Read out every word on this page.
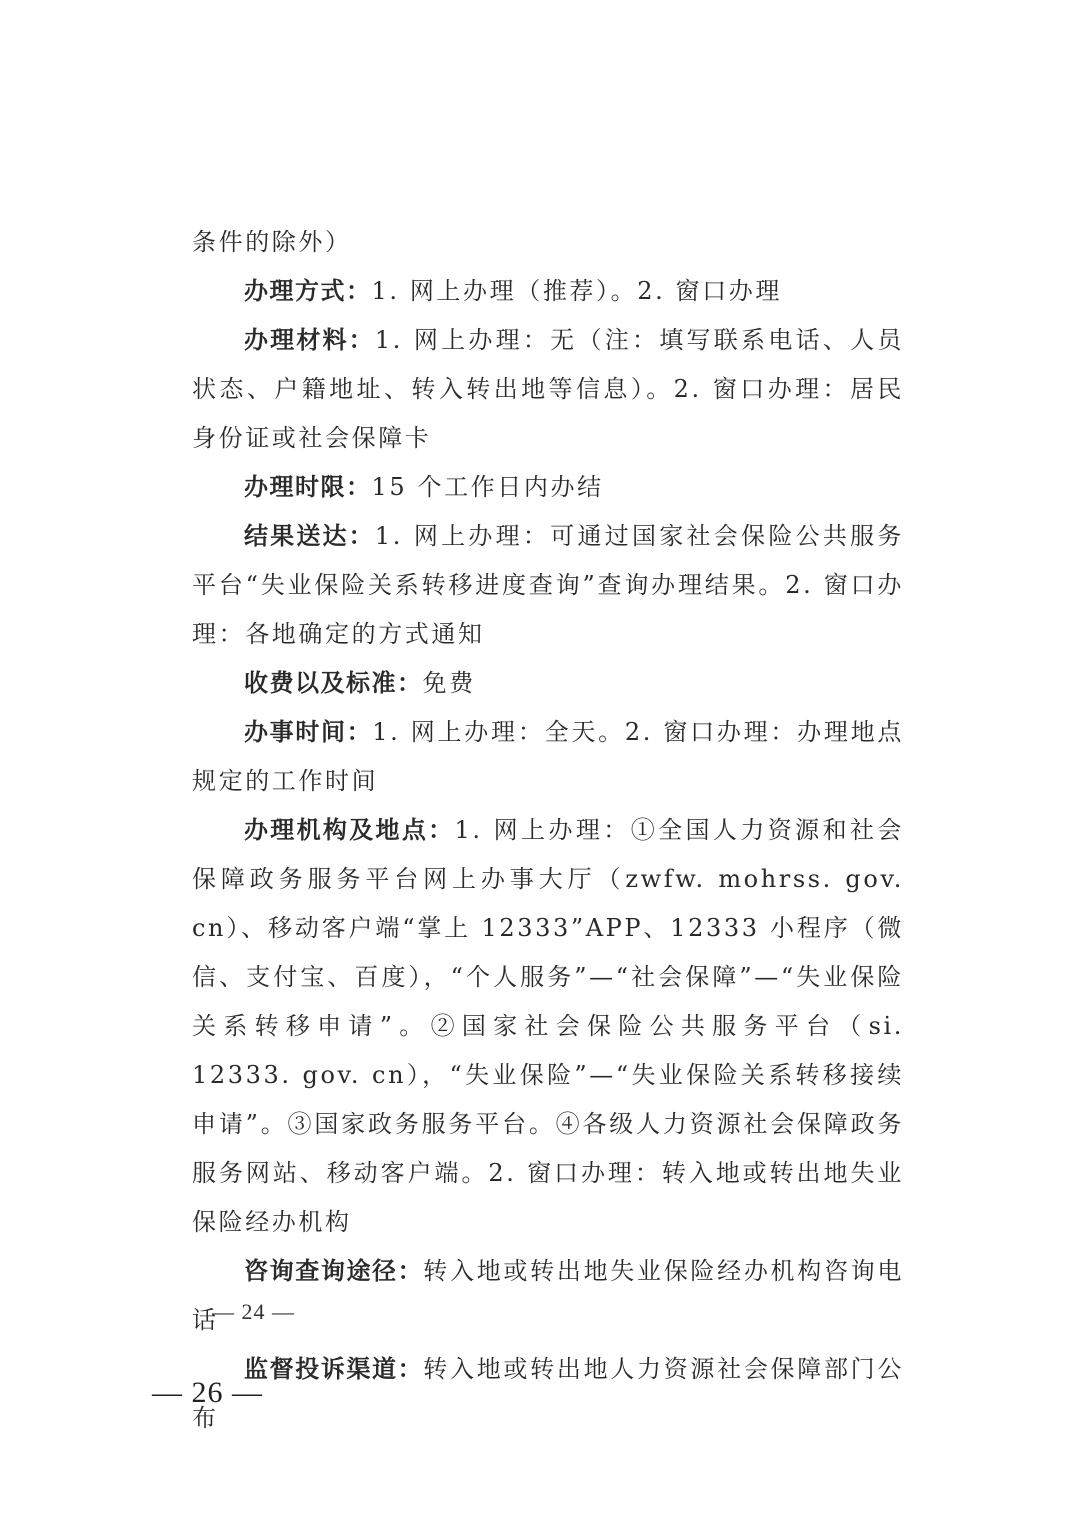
条件的除外）

办理方式：1. 网上办理（推荐）。2. 窗口办理

办理材料：1. 网上办理：无（注：填写联系电话、人员状态、户籍地址、转入转出地等信息）。2. 窗口办理：居民身份证或社会保障卡

办理时限：15 个工作日内办结

结果送达：1. 网上办理：可通过国家社会保险公共服务平台“失业保险关系转移进度查询”查询办理结果。2. 窗口办理：各地确定的方式通知

收费以及标准：免费

办事时间：1. 网上办理：全天。2. 窗口办理：办理地点规定的工作时间

办理机构及地点：1. 网上办理：①全国人力资源和社会保障政务服务平台网上办事大厅（zwfw. mohrss. gov. cn）、移动客户端“掌上 12333”APP、12333 小程序（微信、支付宝、百度），“个人服务”—“社会保障”—“失业保险关系转移申请”。②国家社会保险公共服务平台（si. 12333. gov. cn），“失业保险”—“失业保险关系转移接续申请”。③国家政务服务平台。④各级人力资源社会保障政务服务网站、移动客户端。2. 窗口办理：转入地或转出地失业保险经办机构

咨询查询途径：转入地或转出地失业保险经办机构咨询电话

监督投诉渠道：转入地或转出地人力资源社会保障部门公布

— 24 —
— 26 —
